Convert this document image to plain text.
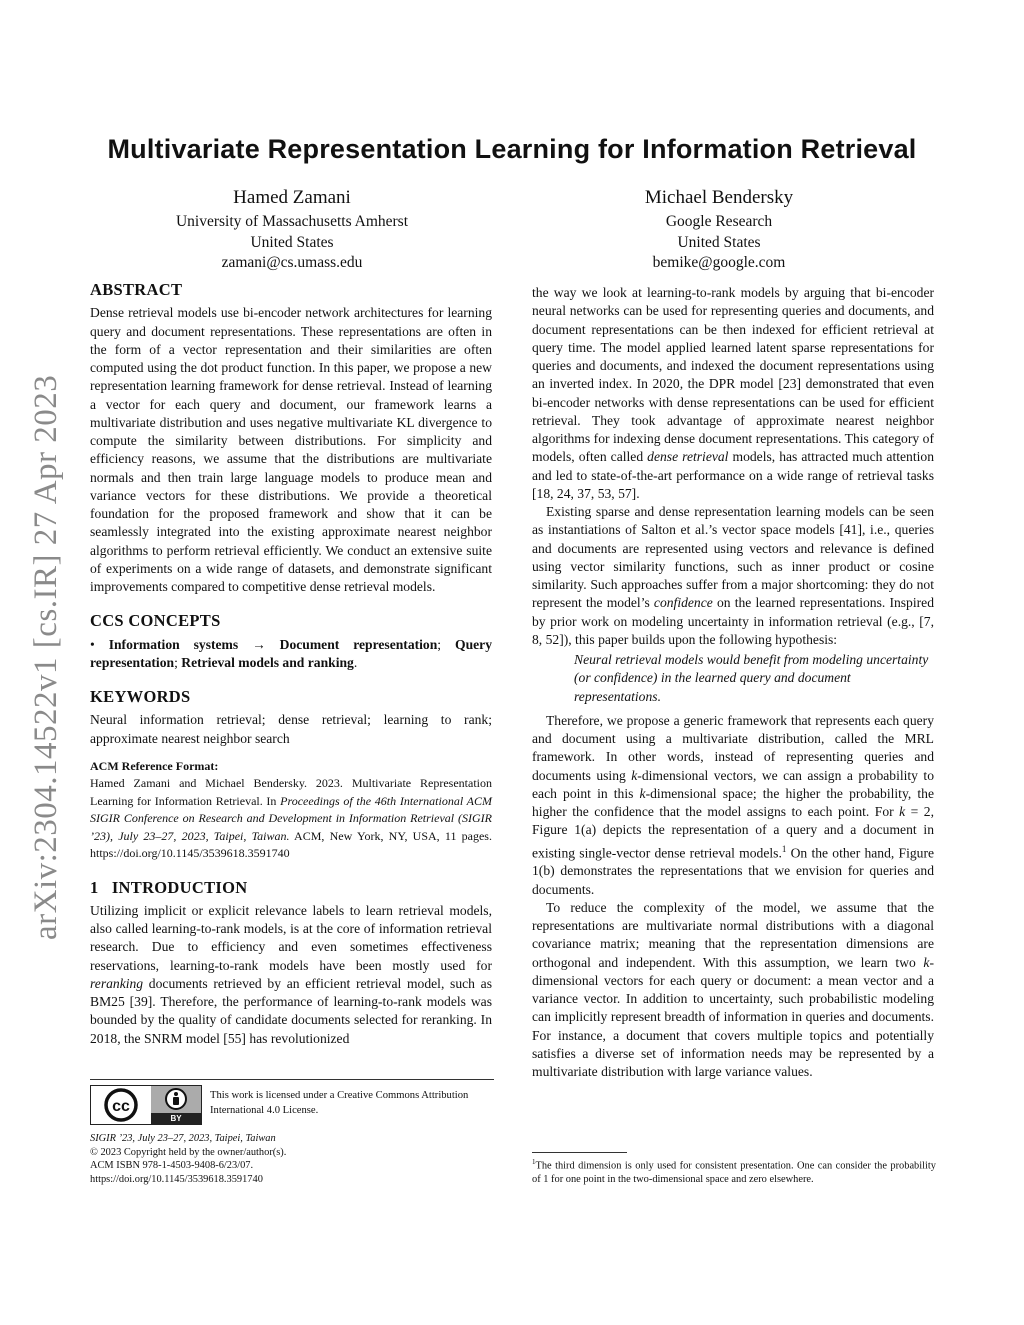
arXiv:2304.14522v1 [cs.IR] 27 Apr 2023
Multivariate Representation Learning for Information Retrieval
Hamed Zamani
University of Massachusetts Amherst
United States
zamani@cs.umass.edu
Michael Bendersky
Google Research
United States
bemike@google.com
ABSTRACT

Dense retrieval models use bi-encoder network architectures for learning query and document representations. These representations are often in the form of a vector representation and their similarities are often computed using the dot product function. In this paper, we propose a new representation learning framework for dense retrieval. Instead of learning a vector for each query and document, our framework learns a multivariate distribution and uses negative multivariate KL divergence to compute the similarity between distributions. For simplicity and efficiency reasons, we assume that the distributions are multivariate normals and then train large language models to produce mean and variance vectors for these distributions. We provide a theoretical foundation for the proposed framework and show that it can be seamlessly integrated into the existing approximate nearest neighbor algorithms to perform retrieval efficiently. We conduct an extensive suite of experiments on a wide range of datasets, and demonstrate significant improvements compared to competitive dense retrieval models.

CCS CONCEPTS

• Information systems → Document representation; Query representation; Retrieval models and ranking.

KEYWORDS

Neural information retrieval; dense retrieval; learning to rank; approximate nearest neighbor search

ACM Reference Format:

Hamed Zamani and Michael Bendersky. 2023. Multivariate Representation Learning for Information Retrieval. In Proceedings of the 46th International ACM SIGIR Conference on Research and Development in Information Retrieval (SIGIR ’23), July 23–27, 2023, Taipei, Taiwan. ACM, New York, NY, USA, 11 pages. https://doi.org/10.1145/3539618.3591740

1   INTRODUCTION

Utilizing implicit or explicit relevance labels to learn retrieval models, also called learning-to-rank models, is at the core of information retrieval research. Due to efficiency and even sometimes effectiveness reservations, learning-to-rank models have been mostly used for reranking documents retrieved by an efficient retrieval model, such as BM25 [39]. Therefore, the performance of learning-to-rank models was bounded by the quality of candidate documents selected for reranking. In 2018, the SNRM model [55] has revolutionized

the way we look at learning-to-rank models by arguing that bi-encoder neural networks can be used for representing queries and documents, and document representations can be then indexed for efficient retrieval at query time. The model applied learned latent sparse representations for queries and documents, and indexed the document representations using an inverted index. In 2020, the DPR model [23] demonstrated that even bi-encoder networks with dense representations can be used for efficient retrieval. They took advantage of approximate nearest neighbor algorithms for indexing dense document representations. This category of models, often called dense retrieval models, has attracted much attention and led to state-of-the-art performance on a wide range of retrieval tasks [18, 24, 37, 53, 57].

Existing sparse and dense representation learning models can be seen as instantiations of Salton et al.’s vector space models [41], i.e., queries and documents are represented using vectors and relevance is defined using vector similarity functions, such as inner product or cosine similarity. Such approaches suffer from a major shortcoming: they do not represent the model’s confidence on the learned representations. Inspired by prior work on modeling uncertainty in information retrieval (e.g., [7, 8, 52]), this paper builds upon the following hypothesis:

Neural retrieval models would benefit from modeling uncertainty (or confidence) in the learned query and document representations.

Therefore, we propose a generic framework that represents each query and document using a multivariate distribution, called the MRL framework. In other words, instead of representing queries and documents using k-dimensional vectors, we can assign a probability to each point in this k-dimensional space; the higher the probability, the higher the confidence that the model assigns to each point. For k = 2, Figure 1(a) depicts the representation of a query and a document in existing single-vector dense retrieval models.$^1$ On the other hand, Figure 1(b) demonstrates the representations that we envision for queries and documents.

To reduce the complexity of the model, we assume that the representations are multivariate normal distributions with a diagonal covariance matrix; meaning that the representation dimensions are orthogonal and independent. With this assumption, we learn two k-dimensional vectors for each query or document: a mean vector and a variance vector. In addition to uncertainty, such probabilistic modeling can implicitly represent breadth of information in queries and documents. For instance, a document that covers multiple topics and potentially satisfies a diverse set of information needs may be represented by a multivariate distribution with large variance values.

cc
BY
This work is licensed under a Creative Commons Attribution International 4.0 License.
SIGIR ’23, July 23–27, 2023, Taipei, Taiwan
© 2023 Copyright held by the owner/author(s).
ACM ISBN 978-1-4503-9408-6/23/07.
https://doi.org/10.1145/3539618.3591740
$^1$The third dimension is only used for consistent presentation. One can consider the probability of 1 for one point in the two-dimensional space and zero elsewhere.
